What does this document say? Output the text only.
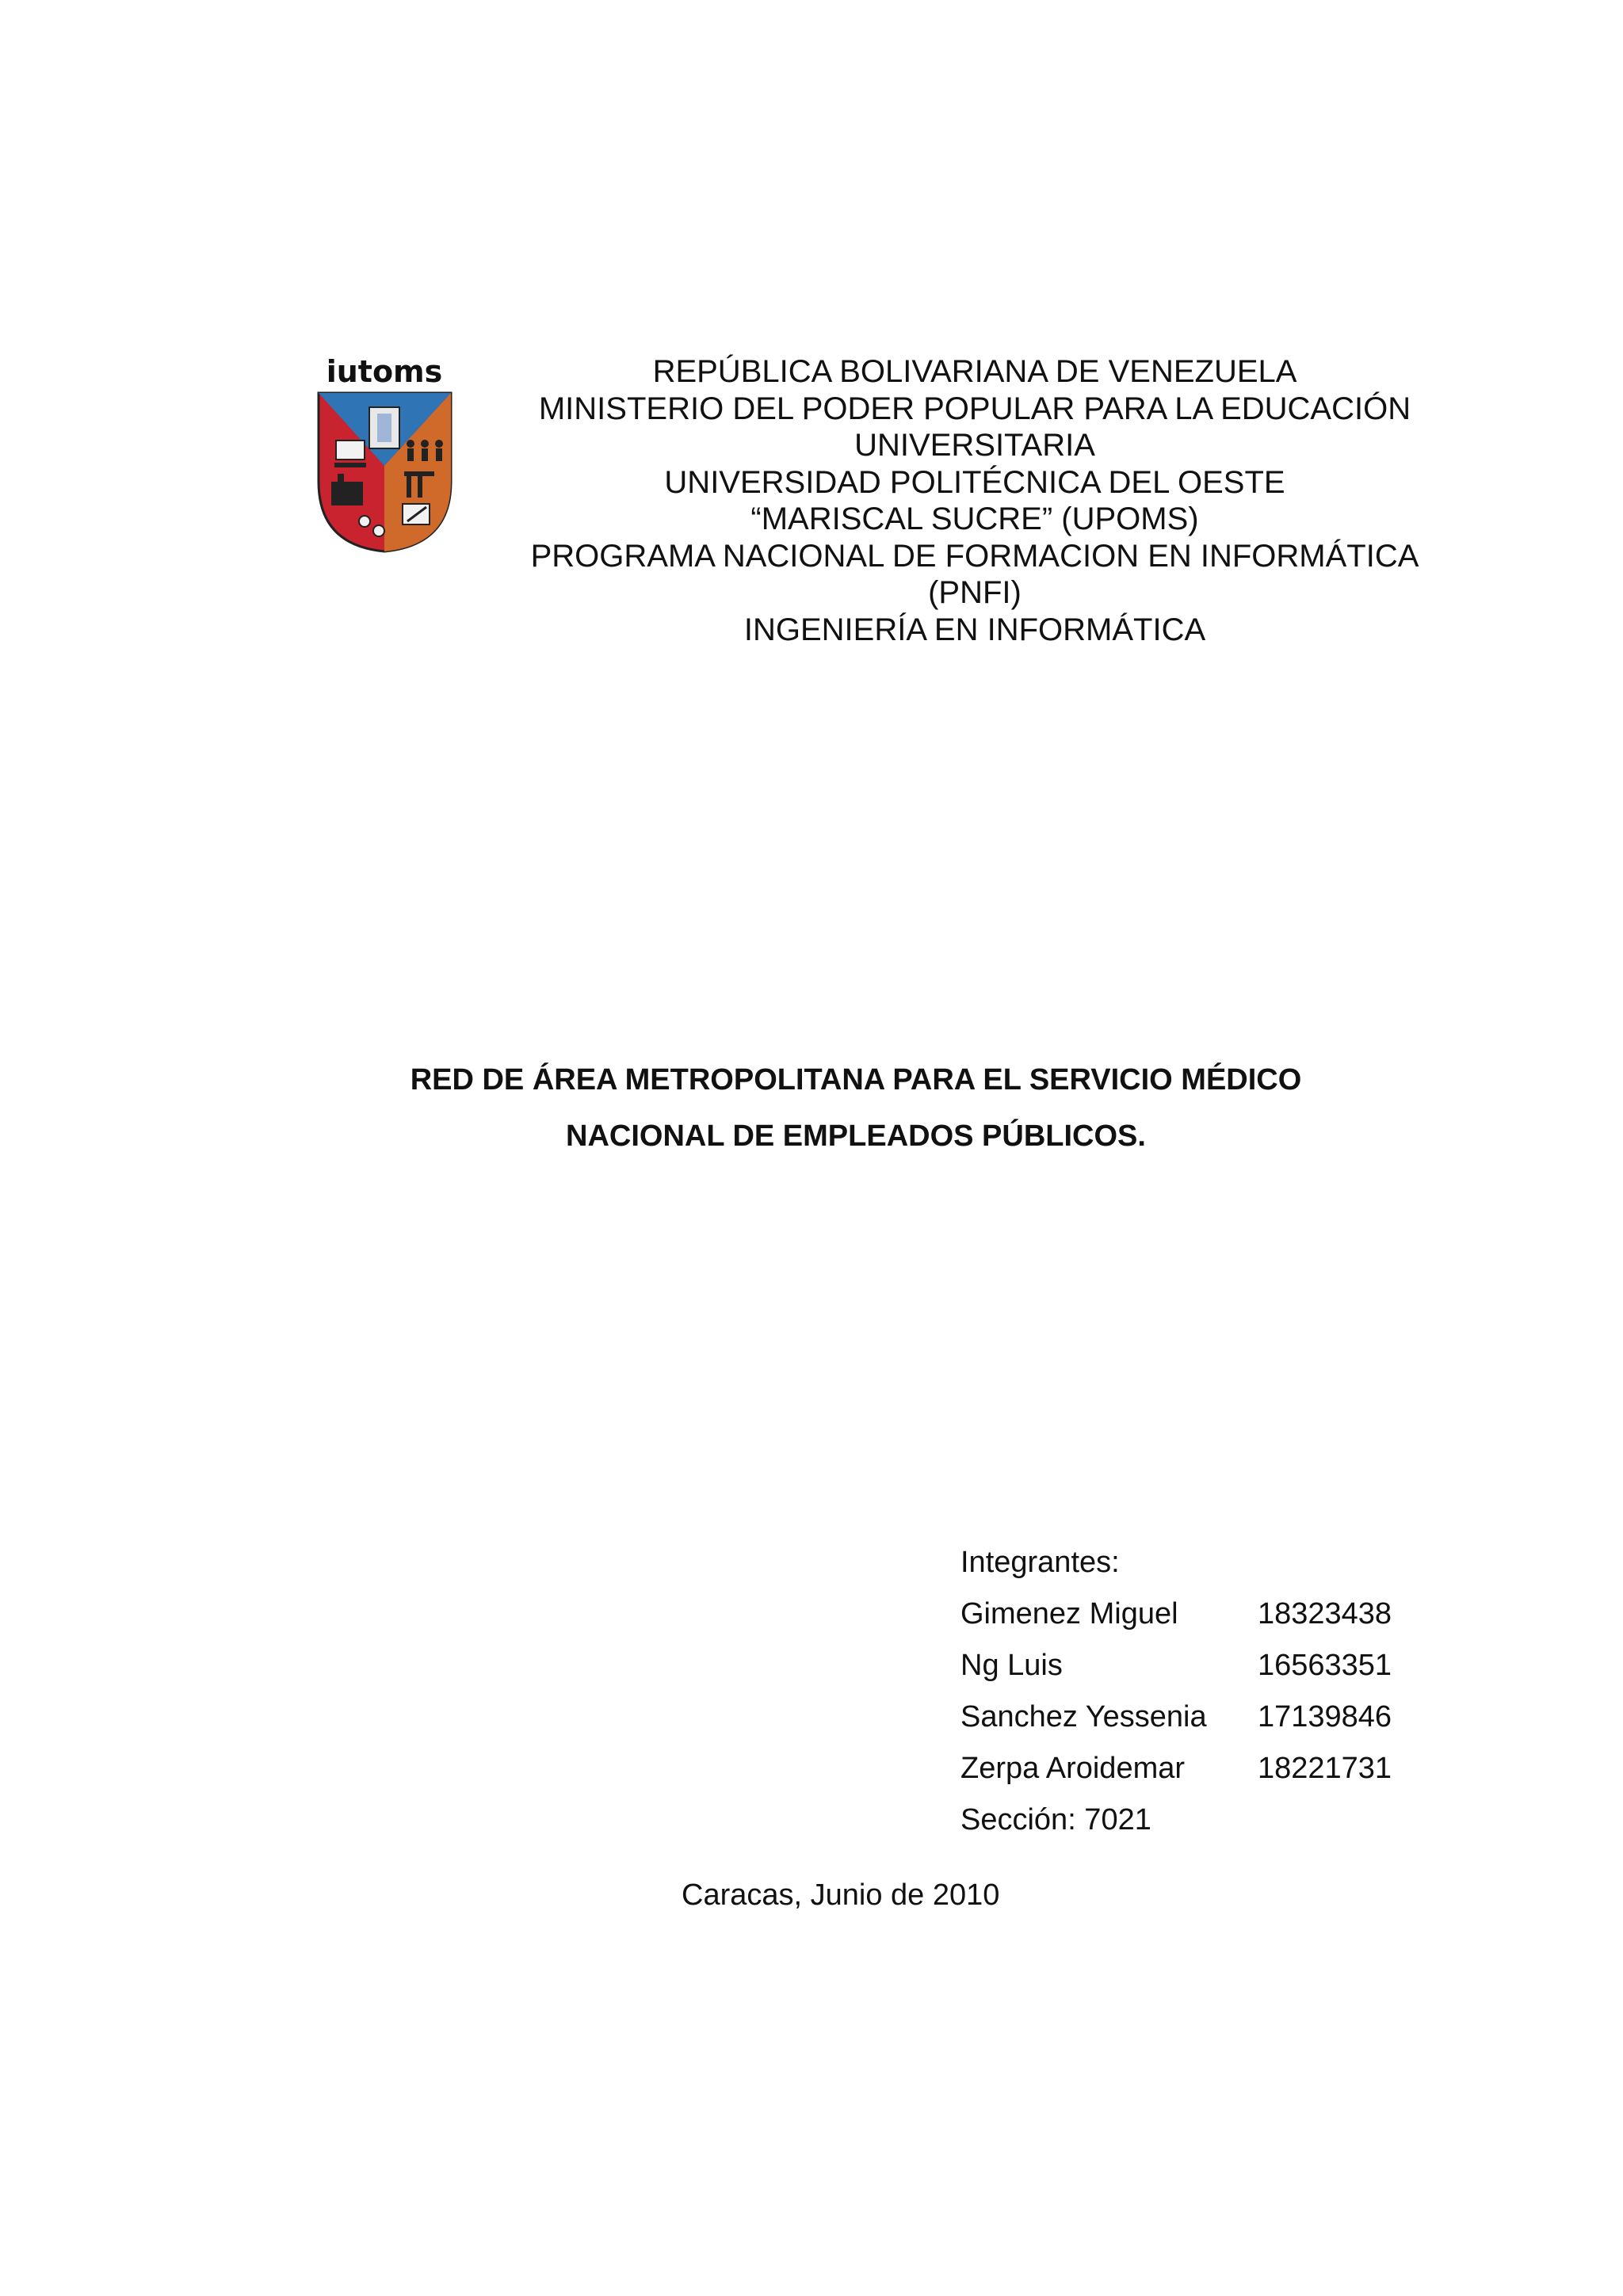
iutoms	REPÚBLICA BOLIVARIANA DE VENEZUELA
MINISTERIO DEL PODER POPULAR PARA LA EDUCACIÓN
UNIVERSITARIA
UNIVERSIDAD POLITÉCNICA DEL OESTE
“MARISCAL SUCRE” (UPOMS)
PROGRAMA NACIONAL DE FORMACION EN INFORMÁTICA
(PNFI)
INGENIERÍA EN INFORMÁTICA
RED DE ÁREA METROPOLITANA PARA EL SERVICIO MÉDICO
NACIONAL DE EMPLEADOS PÚBLICOS.
Integrantes:
Gimenez Miguel	18323438
Ng Luis	16563351
Sanchez Yessenia	17139846
Zerpa Aroidemar	18221731
Sección: 7021
Caracas, Junio de 2010
